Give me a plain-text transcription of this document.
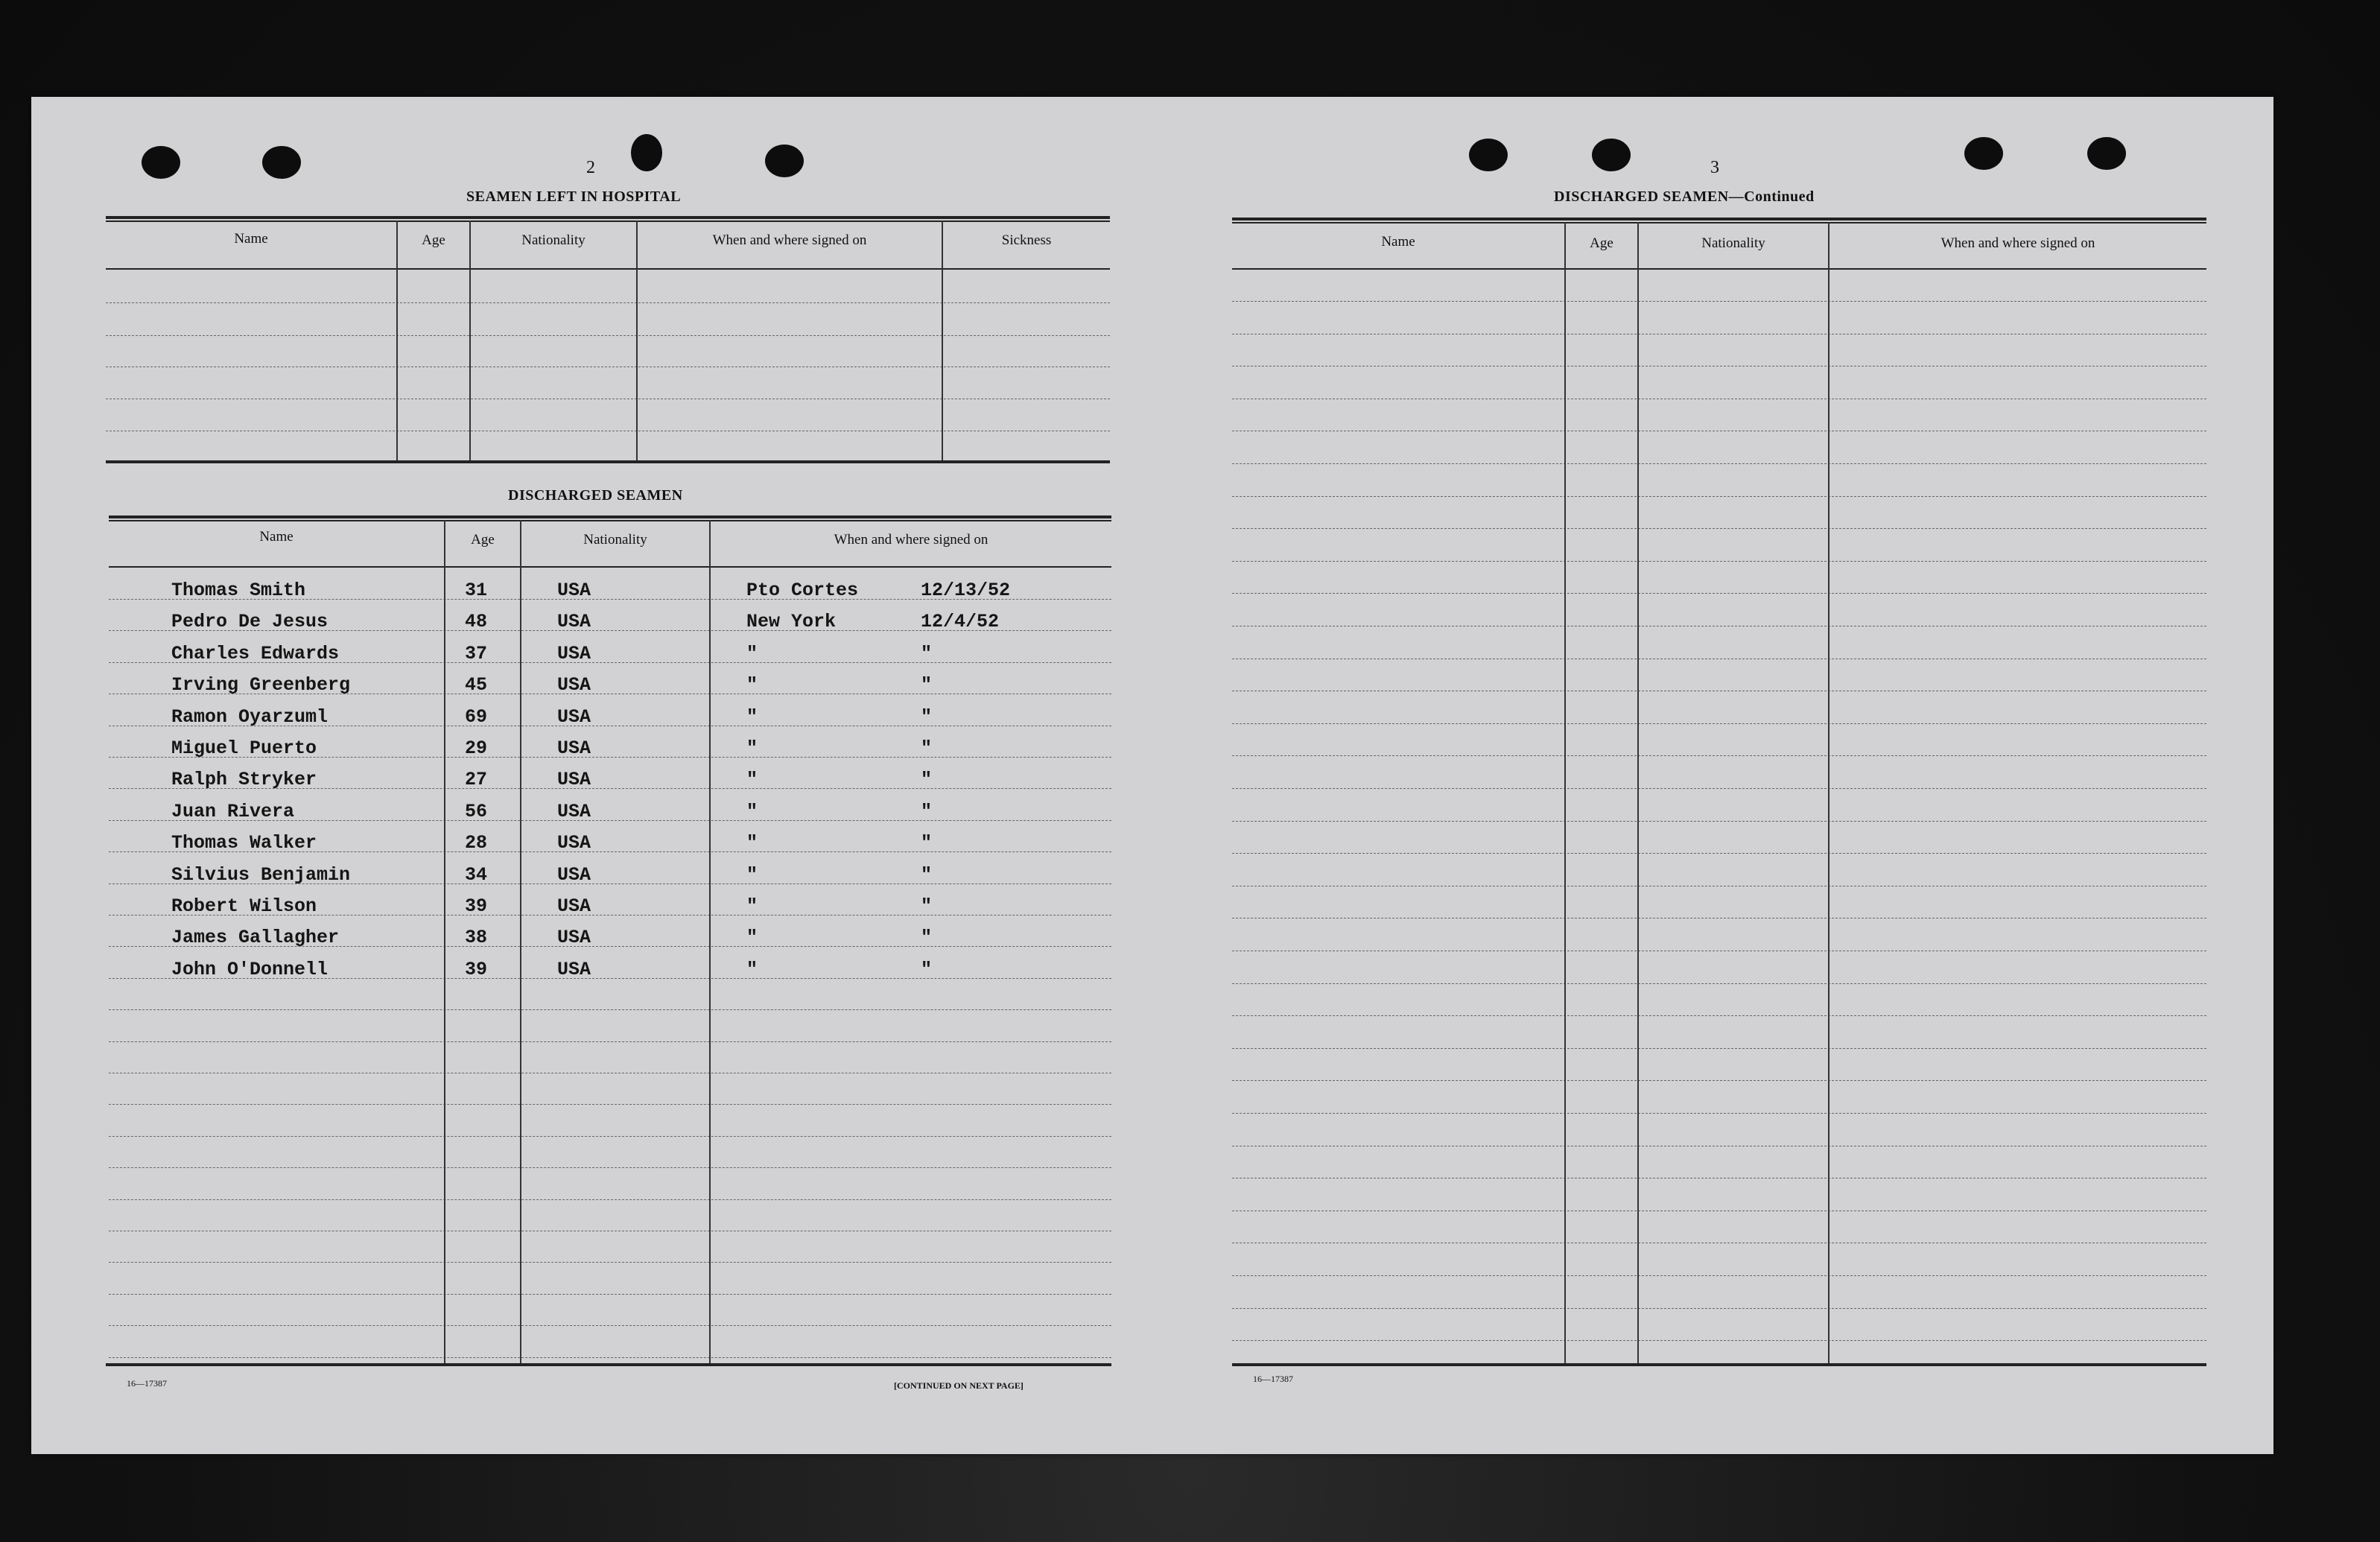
2
SEAMEN LEFT IN HOSPITAL
Name	Age	Nationality	When and where signed on	Sickness
DISCHARGED SEAMEN
Name	Age	Nationality	When and where signed on
Thomas Smith	31	USA	Pto Cortes	12/13/52
Pedro De Jesus	48	USA	New York	12/4/52
Charles Edwards	37	USA	"	"
Irving Greenberg	45	USA	"	"
Ramon Oyarzuml	69	USA	"	"
Miguel Puerto	29	USA	"	"
Ralph Stryker	27	USA	"	"
Juan Rivera	56	USA	"	"
Thomas Walker	28	USA	"	"
Silvius Benjamin	34	USA	"	"
Robert Wilson	39	USA	"	"
James Gallagher	38	USA	"	"
John O'Donnell	39	USA	"	"
16—17387	[CONTINUED ON NEXT PAGE]
3
DISCHARGED SEAMEN—Continued
Name	Age	Nationality	When and where signed on
16—17387
